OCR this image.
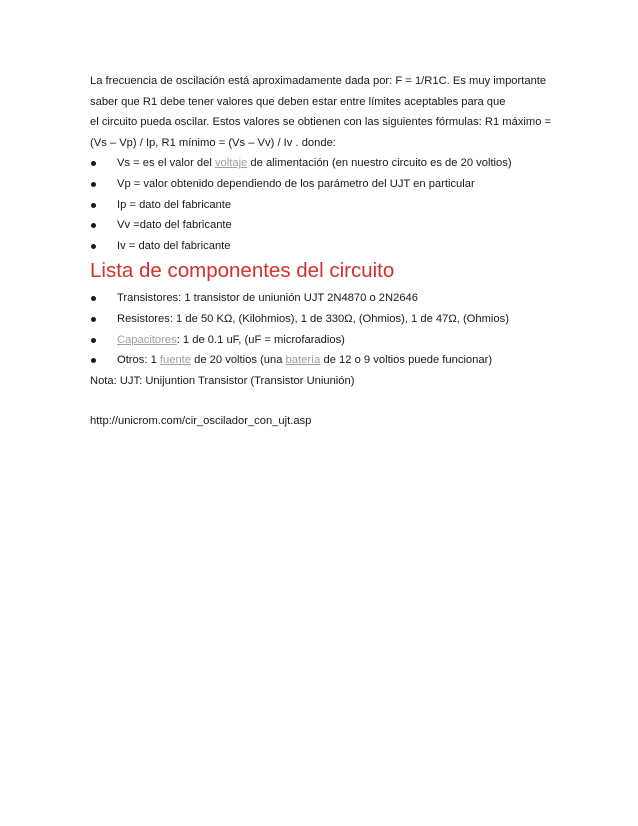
La frecuencia de oscilación está aproximadamente dada por: F = 1/R1C. Es muy importante
saber que R1 debe tener valores que deben estar entre límites aceptables para que
el circuito pueda oscilar. Estos valores se obtienen con las siguientes fórmulas: R1 máximo =
(Vs – Vp) / Ip, R1 mínimo = (Vs – Vv) / Iv . donde:

Vs = es el valor del voltaje de alimentación (en nuestro circuito es de 20 voltios)
Vp = valor obtenido dependiendo de los parámetro del UJT en particular
Ip = dato del fabricante
Vv =dato del fabricante
Iv = dato del fabricante
Lista de componentes del circuito
Transistores: 1 transistor de uniunión UJT 2N4870 o 2N2646
Resistores: 1 de 50 KΩ, (Kilohmios), 1 de 330Ω, (Ohmios), 1 de 47Ω, (Ohmios)
Capacitores: 1 de 0.1 uF, (uF = microfaradios)
Otros: 1 fuente de 20 voltios (una batería de 12 o 9 voltios puede funcionar)

Nota: UJT: Unijuntion Transistor (Transistor Uniunión)

http://unicrom.com/cir_oscilador_con_ujt.asp
